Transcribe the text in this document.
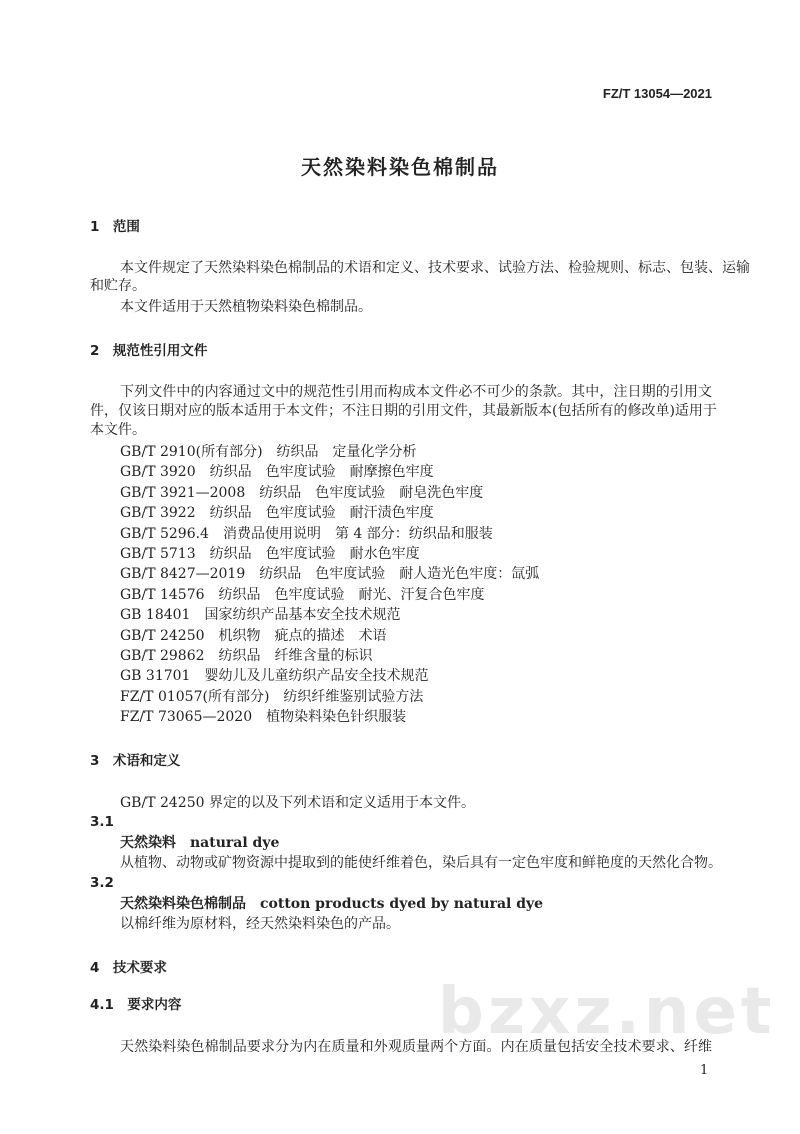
bzxz.net
FZ/T 13054—2021
天然染料染色棉制品
1　范围
本文件规定了天然染料染色棉制品的术语和定义、技术要求、试验方法、检验规则、标志、包装、运输
和贮存。
本文件适用于天然植物染料染色棉制品。
2　规范性引用文件
下列文件中的内容通过文中的规范性引用而构成本文件必不可少的条款。其中，注日期的引用文
件，仅该日期对应的版本适用于本文件；不注日期的引用文件，其最新版本(包括所有的修改单)适用于
本文件。
GB/T 2910(所有部分) 纺织品 定量化学分析
GB/T 3920 纺织品 色牢度试验 耐摩擦色牢度
GB/T 3921—2008 纺织品 色牢度试验 耐皂洗色牢度
GB/T 3922 纺织品 色牢度试验 耐汗渍色牢度
GB/T 5296.4 消费品使用说明 第 4 部分：纺织品和服装
GB/T 5713 纺织品 色牢度试验 耐水色牢度
GB/T 8427—2019 纺织品 色牢度试验 耐人造光色牢度：氙弧
GB/T 14576 纺织品 色牢度试验 耐光、汗复合色牢度
GB 18401 国家纺织产品基本安全技术规范
GB/T 24250 机织物 疵点的描述 术语
GB/T 29862 纺织品 纤维含量的标识
GB 31701 婴幼儿及儿童纺织产品安全技术规范
FZ/T 01057(所有部分) 纺织纤维鉴别试验方法
FZ/T 73065—2020 植物染料染色针织服装
3　术语和定义
GB/T 24250 界定的以及下列术语和定义适用于本文件。
3.1
天然染料　natural dye
从植物、动物或矿物资源中提取到的能使纤维着色，染后具有一定色牢度和鲜艳度的天然化合物。
3.2
天然染料染色棉制品　cotton products dyed by natural dye
以棉纤维为原材料，经天然染料染色的产品。
4　技术要求
4.1　要求内容
天然染料染色棉制品要求分为内在质量和外观质量两个方面。内在质量包括安全技术要求、纤维
1
